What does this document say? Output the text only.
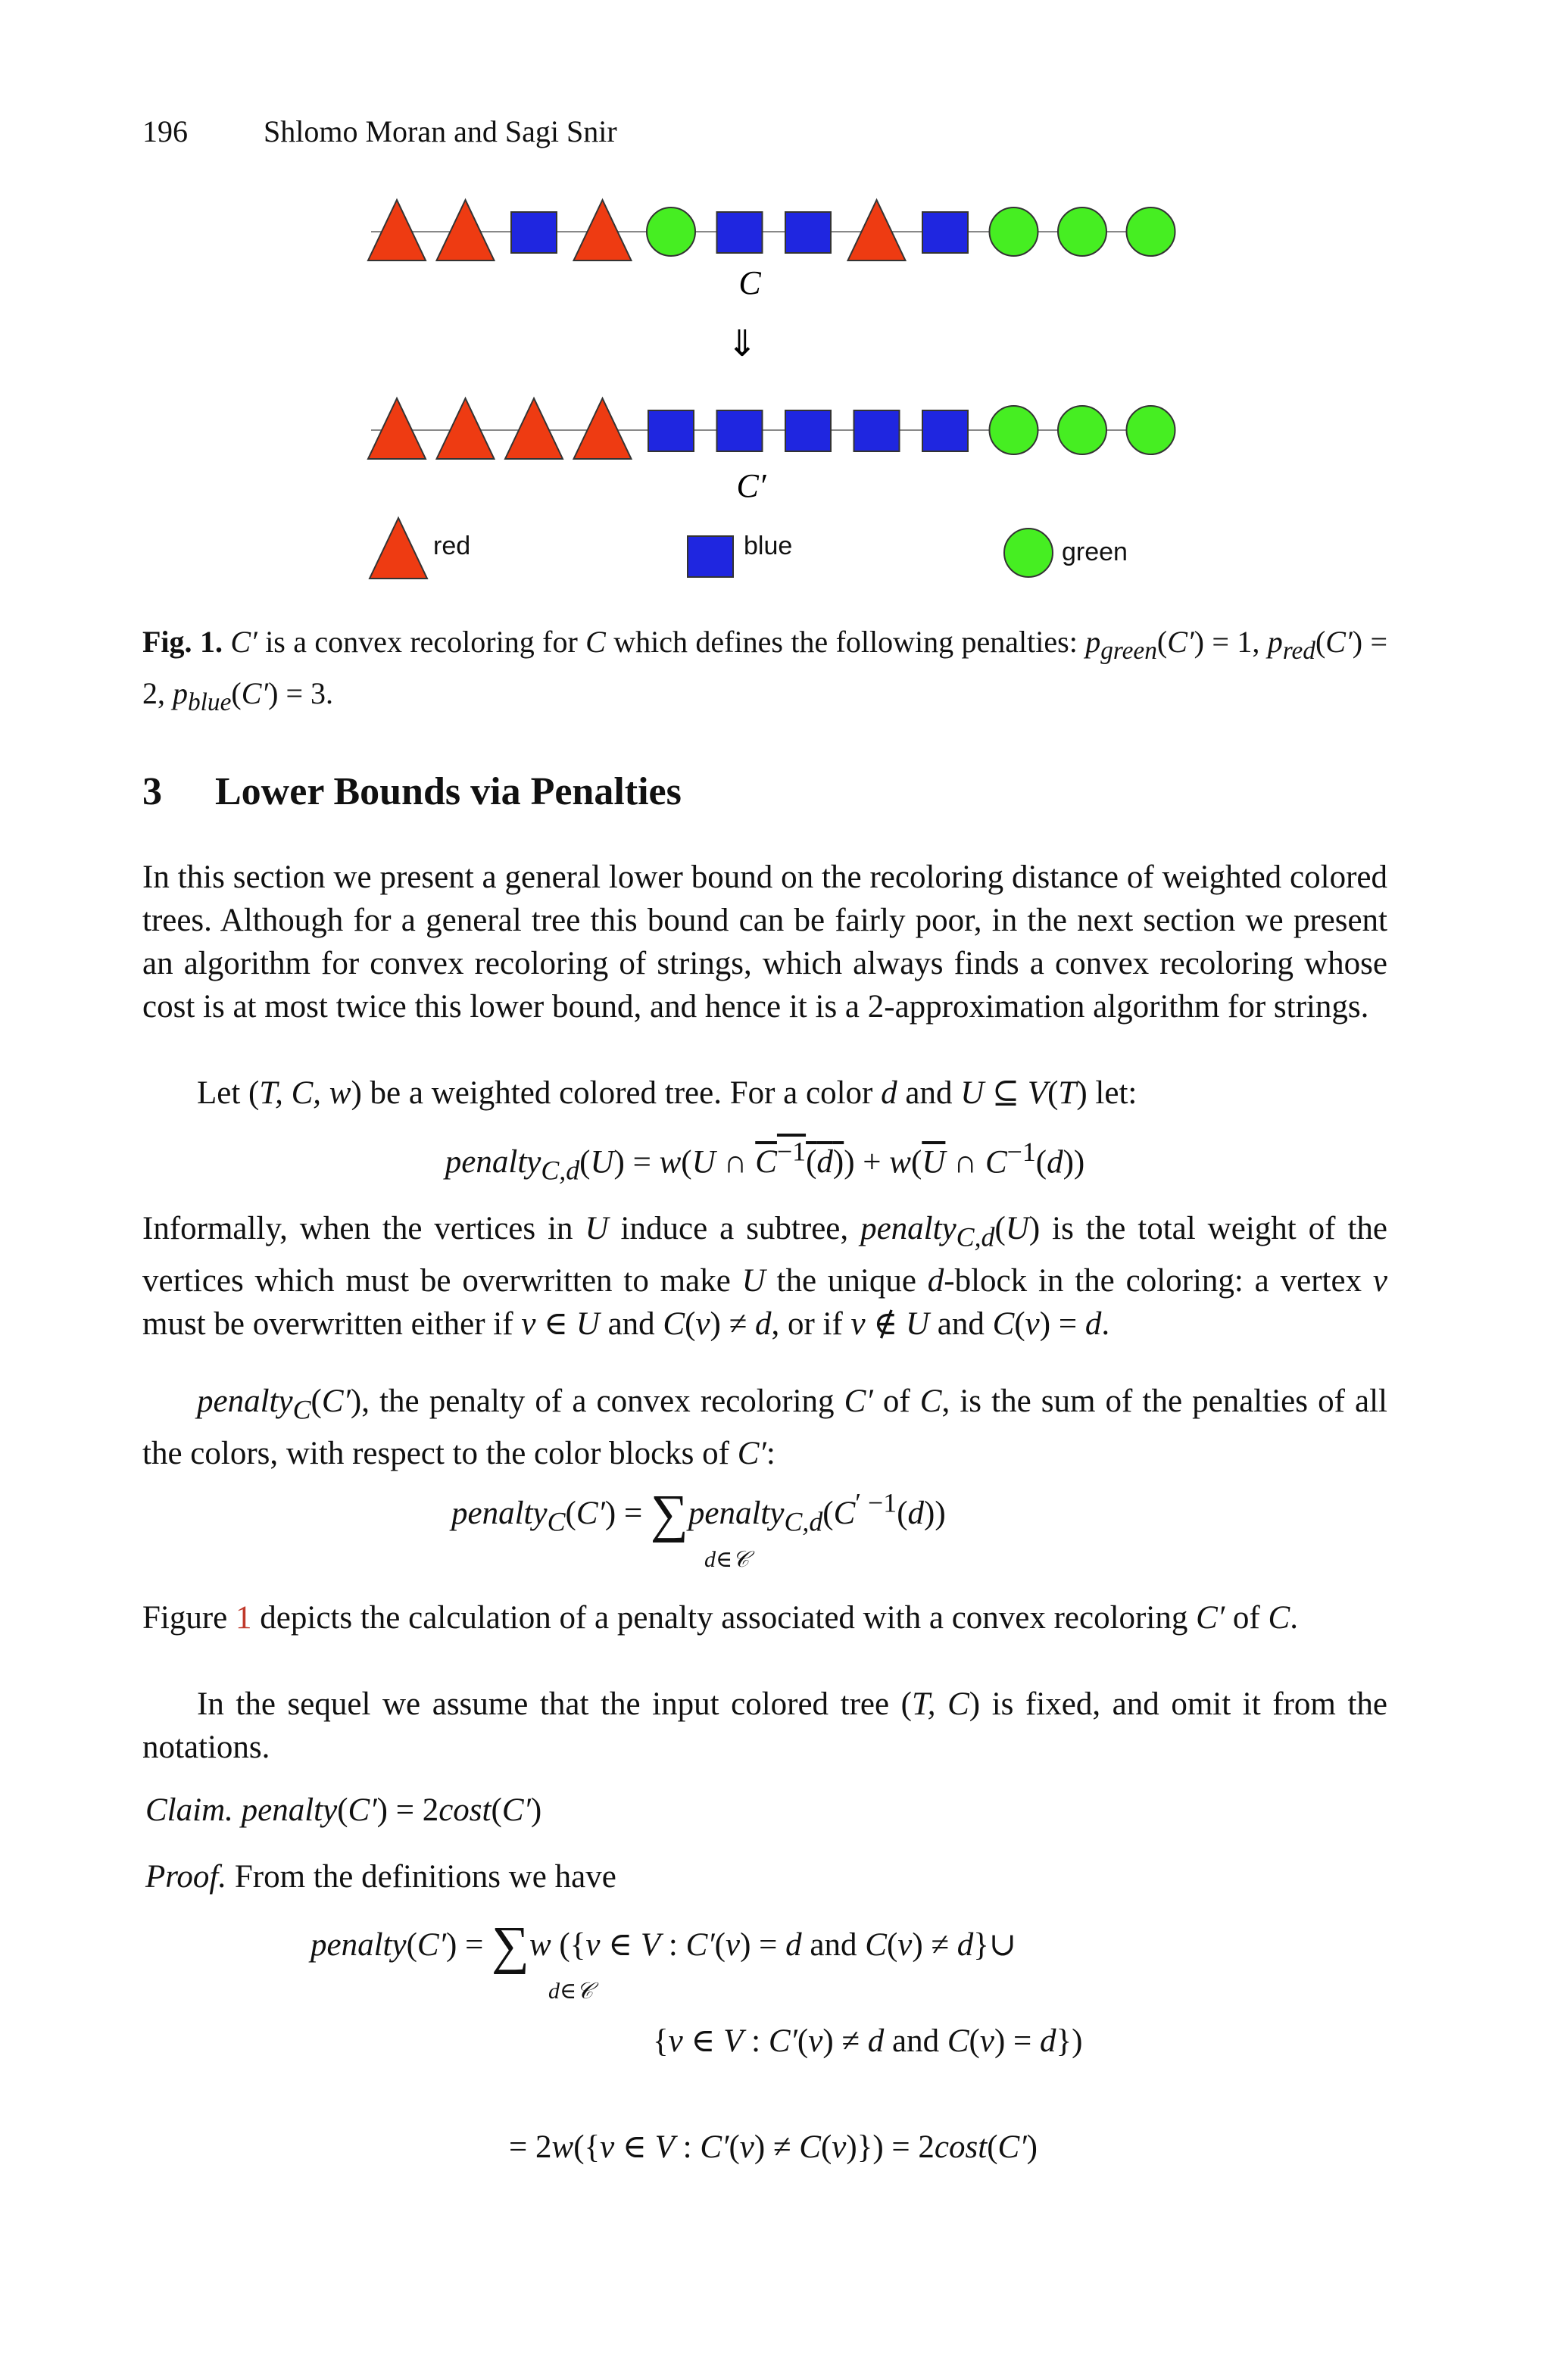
196	Shlomo Moran and Sagi Snir
C
⇓
C′
red	blue	green
Fig. 1. C′ is a convex recoloring for C which defines the following penalties: $p_{green}(C') = 1$, $p_{red}(C') = 2$, $p_{blue}(C') = 3$.
3 Lower Bounds via Penalties

In this section we present a general lower bound on the recoloring distance of weighted colored trees. Although for a general tree this bound can be fairly poor, in the next section we present an algorithm for convex recoloring of strings, which always finds a convex recoloring whose cost is at most twice this lower bound, and hence it is a 2-approximation algorithm for strings.

Let (T, C, w) be a weighted colored tree. For a color d and U ⊆ V(T) let:

penalty$_{C,d}$(U) = w(U ∩ $C^{-1}(d)) + w(\overline{U}$ ∩ $C^{-1}(d)$)

Informally, when the vertices in U induce a subtree, penalty$_{C,d}$(U) is the total weight of the vertices which must be overwritten to make U the unique d-block in the coloring: a vertex v must be overwritten either if v ∈ U and C(v) ≠ d, or if v ∉ U and C(v) = d.

penalty$_C$(C′), the penalty of a convex recoloring C′ of C, is the sum of the penalties of all the colors, with respect to the color blocks of C′:

penalty$_C$(C′) = $\sum penalty_{C,d}(C^{' -1}(d))$
d∈𝒞

Figure 1 depicts the calculation of a penalty associated with a convex recoloring C′ of C.

In the sequel we assume that the input colored tree (T, C) is fixed, and omit it from the notations.

Claim. penalty(C′) = 2cost(C′)

Proof. From the definitions we have

penalty(C′) = ∑w ({v ∈ V : C′(v) = d and C(v) ≠ d}∪
d∈𝒞
{v ∈ V : C′(v) ≠ d and C(v) = d})
= 2w({v ∈ V : C′(v) ≠ C(v)}) = 2cost(C′)
